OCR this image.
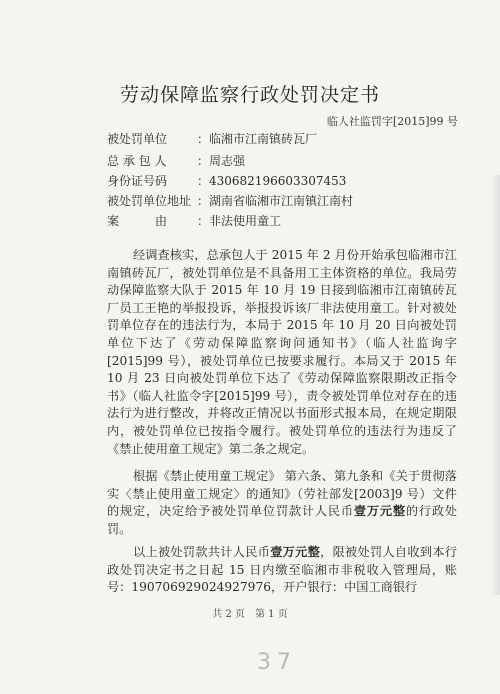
劳动保障监察行政处罚决定书
临人社监罚字[2015]99 号
被处罚单位 ：临湘市江南镇砖瓦厂
总 承 包 人	：周志强
身份证号码 ：430682196603307453
被处罚单位地址 ：湖南省临湘市江南镇江南村
案　　　由 ：非法使用童工

经调查核实，总承包人于 2015 年 2 月份开始承包临湘市江南镇砖瓦厂，被处罚单位是不具备用工主体资格的单位。我局劳动保障监察大队于 2015 年 10 月 19 日接到临湘市江南镇砖瓦厂员工王艳的举报投诉，举报投诉该厂非法使用童工。针对被处罚单位存在的违法行为，本局于 2015 年 10 月 20 日向被处罚单位下达了《劳动保障监察询问通知书》（临人社监询字[2015]99 号），被处罚单位已按要求履行。本局又于 2015 年 10 月 23 日向被处罚单位下达了《劳动保障监察限期改正指令书》（临人社监令字[2015]99 号），责令被处罚单位对存在的违法行为进行整改，并将改正情况以书面形式报本局，在规定期限内，被处罚单位已按指令履行。被处罚单位的违法行为违反了《禁止使用童工规定》第二条之规定。

根据《禁止使用童工规定》 第六条、第九条和《关于贯彻落实〈禁止使用童工规定〉的通知》（劳社部发[2003]9 号）文件的规定，决定给予被处罚单位罚款计人民币壹万元整的行政处罚。

以上被处罚款共计人民币壹万元整，限被处罚人自收到本行政处罚决定书之日起 15 日内缴至临湘市非税收入管理局，账号：190706929024927976，开户银行：中国工商银行

共 2 页　第 1 页
37
